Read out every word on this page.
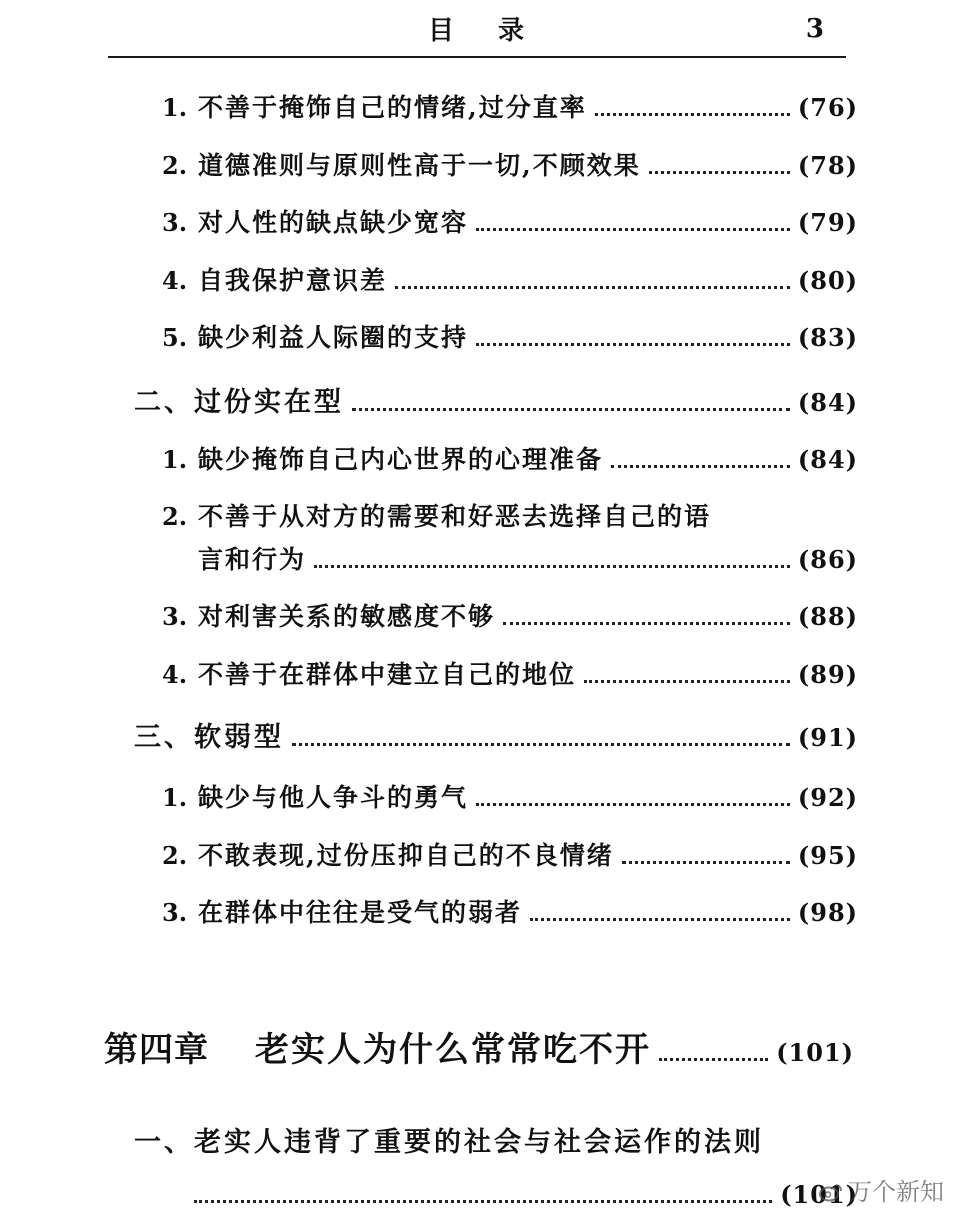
目录	3
1. 不善于掩饰自己的情绪,过分直率	(76)
2. 道德准则与原则性高于一切,不顾效果	(78)
3. 对人性的缺点缺少宽容	(79)
4. 自我保护意识差	(80)
5. 缺少利益人际圈的支持	(83)
二、过份实在型	(84)
1. 缺少掩饰自己内心世界的心理准备	(84)
2. 不善于从对方的需要和好恶去选择自己的语
言和行为	(86)
3. 对利害关系的敏感度不够	(88)
4. 不善于在群体中建立自己的地位	(89)
三、软弱型	(91)
1. 缺少与他人争斗的勇气	(92)
2. 不敢表现,过份压抑自己的不良情绪	(95)
3. 在群体中往往是受气的弱者	(98)
第四章 老实人为什么常常吃不开	(101)
一、老实人违背了重要的社会与社会运作的法则
(101)
万个新知
